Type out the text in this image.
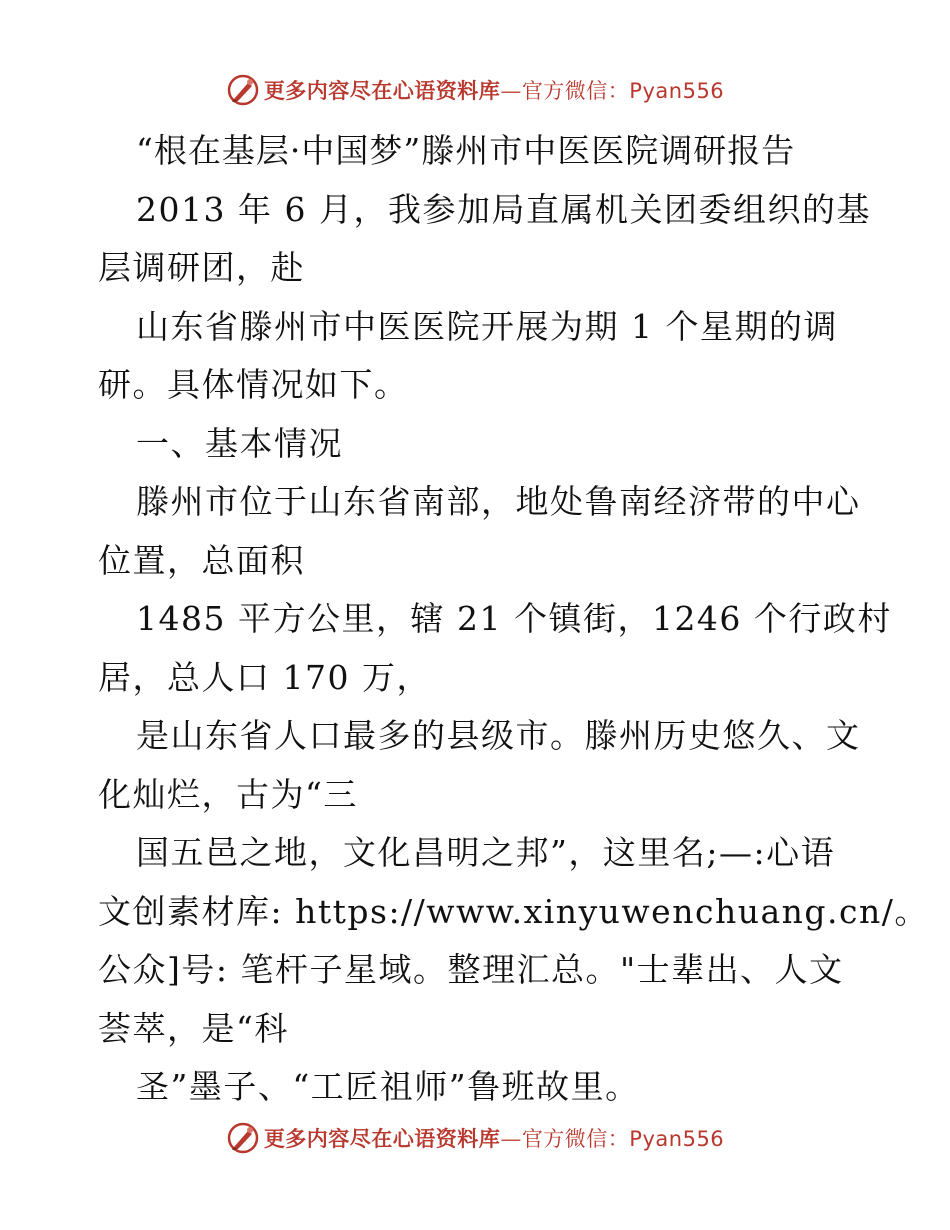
更多内容尽在心语资料库—官方微信：Pyan556
“根在基层·中国梦”滕州市中医医院调研报告
2013 年 6 月，我参加局直属机关团委组织的基
层调研团，赴
山东省滕州市中医医院开展为期 1 个星期的调
研。具体情况如下。
一、基本情况
滕州市位于山东省南部，地处鲁南经济带的中心
位置，总面积
1485 平方公里，辖 21 个镇街，1246 个行政村
居，总人口 170 万，
是山东省人口最多的县级市。滕州历史悠久、文
化灿烂，古为“三
国五邑之地，文化昌明之邦”，这里名;—:心语
文创素材库: https://www.xinyuwenchuang.cn/。
公众]号: 笔杆子星域。整理汇总。"士辈出、人文
荟萃，是“科
圣”墨子、“工匠祖师”鲁班故里。
更多内容尽在心语资料库—官方微信：Pyan556
